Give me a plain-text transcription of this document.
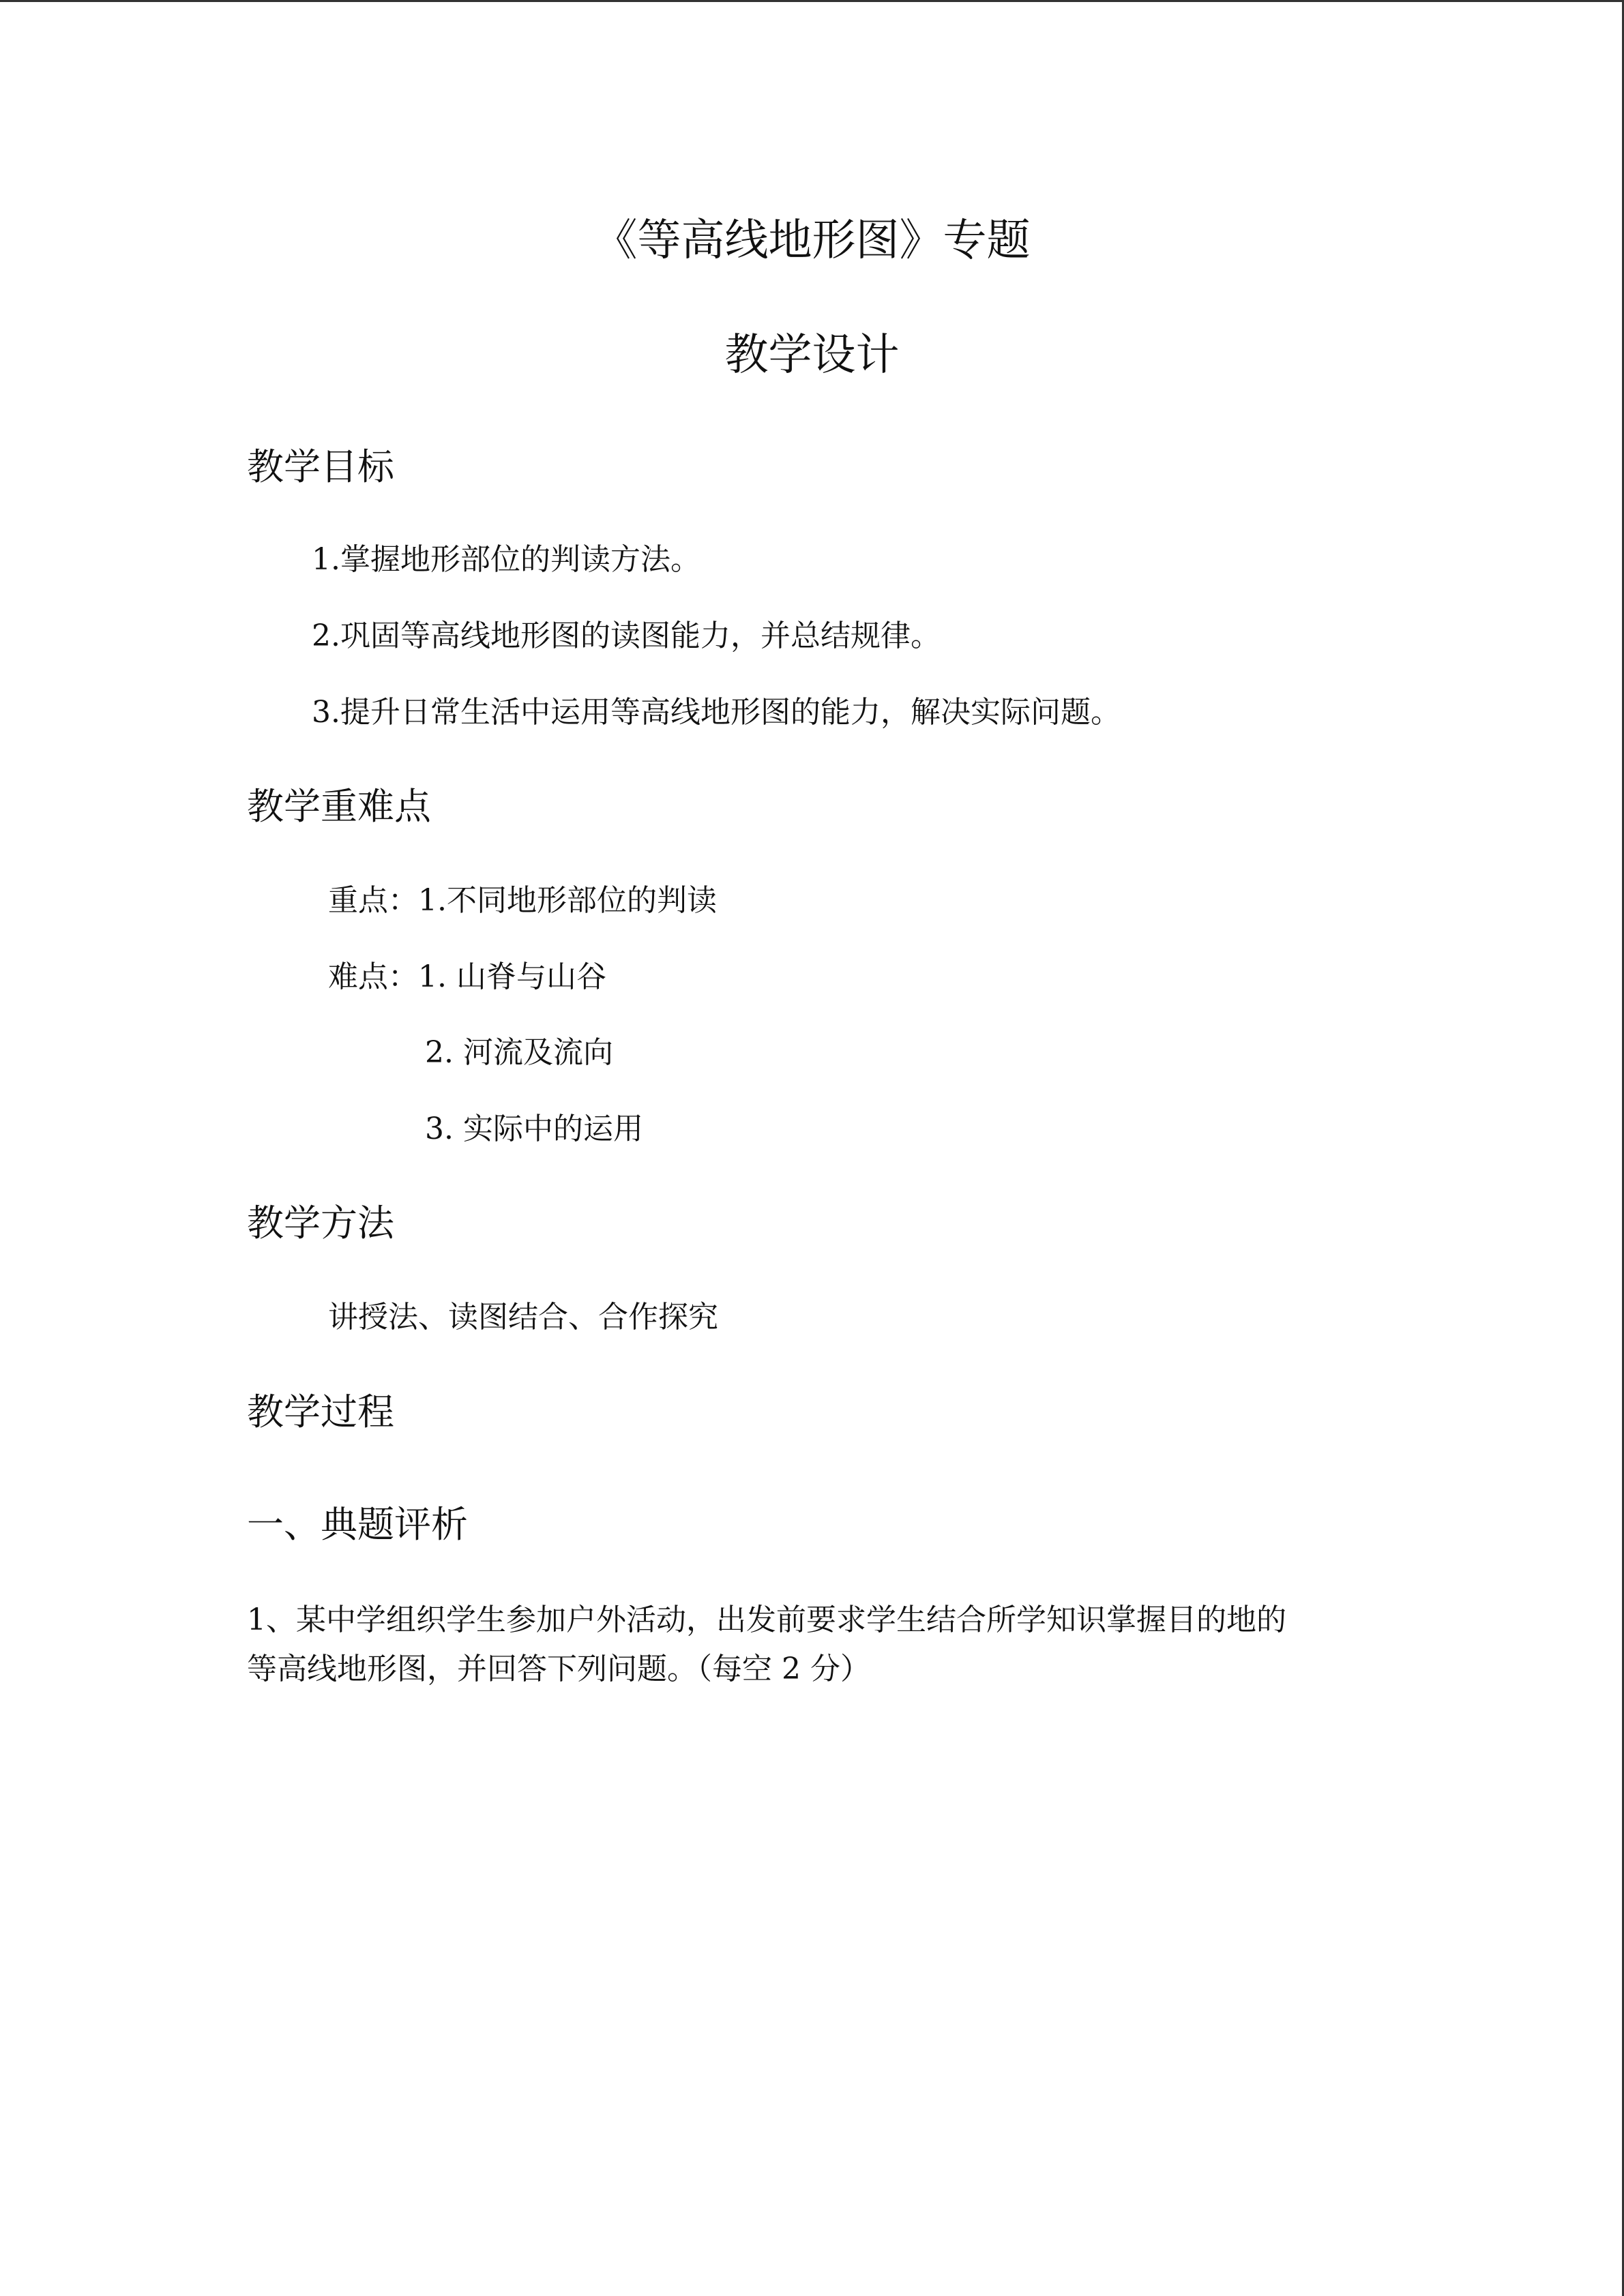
《等高线地形图》专题
教学设计
教学目标
1.掌握地形部位的判读方法。
2.巩固等高线地形图的读图能力，并总结规律。
3.提升日常生活中运用等高线地形图的能力，解决实际问题。
教学重难点
重点：1.不同地形部位的判读
难点：1. 山脊与山谷
2. 河流及流向
3. 实际中的运用
教学方法
讲授法、读图结合、合作探究
教学过程
一、典题评析
1、某中学组织学生参加户外活动，出发前要求学生结合所学知识掌握目的地的
等高线地形图，并回答下列问题。（每空 2 分）
